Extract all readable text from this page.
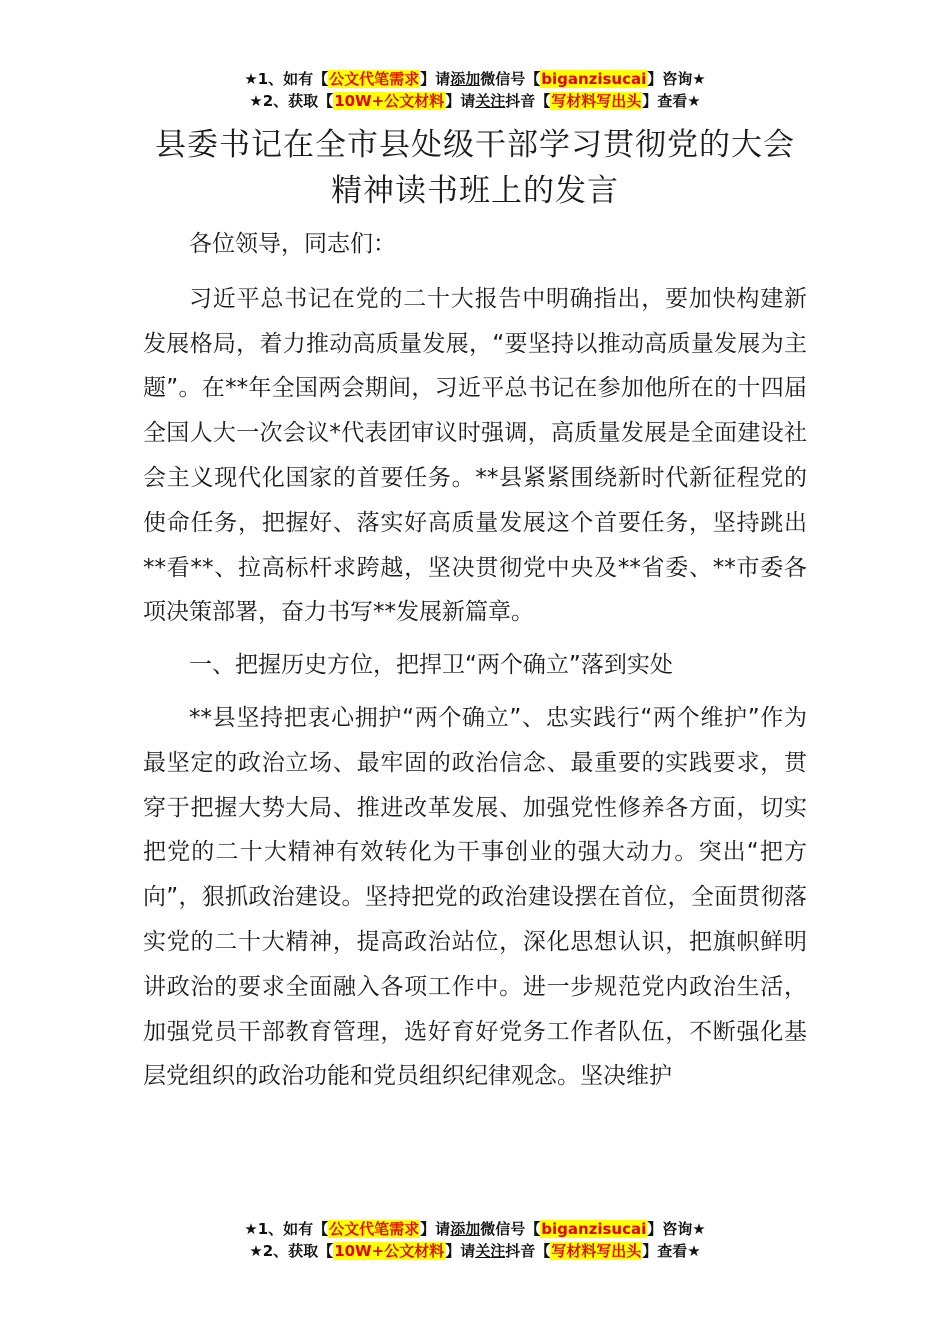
★1、如有【公文代笔需求】请添加微信号【biganzisucai】咨询★
★2、获取【10W+公文材料】请关注抖音【写材料写出头】查看★
县委书记在全市县处级干部学习贯彻党的大会精神读书班上的发言

各位领导，同志们：

习近平总书记在党的二十大报告中明确指出，要加快构建新发展格局，着力推动高质量发展，“要坚持以推动高质量发展为主题”。在**年全国两会期间，习近平总书记在参加他所在的十四届全国人大一次会议*代表团审议时强调，高质量发展是全面建设社会主义现代化国家的首要任务。**县紧紧围绕新时代新征程党的使命任务，把握好、落实好高质量发展这个首要任务，坚持跳出**看**、拉高标杆求跨越，坚决贯彻党中央及**省委、**市委各项决策部署，奋力书写**发展新篇章。

一、把握历史方位，把捍卫“两个确立”落到实处

**县坚持把衷心拥护“两个确立”、忠实践行“两个维护”作为最坚定的政治立场、最牢固的政治信念、最重要的实践要求，贯穿于把握大势大局、推进改革发展、加强党性修养各方面，切实把党的二十大精神有效转化为干事创业的强大动力。突出“把方向”，狠抓政治建设。坚持把党的政治建设摆在首位，全面贯彻落实党的二十大精神，提高政治站位，深化思想认识，把旗帜鲜明讲政治的要求全面融入各项工作中。进一步规范党内政治生活，加强党员干部教育管理，选好育好党务工作者队伍，不断强化基层党组织的政治功能和党员组织纪律观念。坚决维护

★1、如有【公文代笔需求】请添加微信号【biganzisucai】咨询★
★2、获取【10W+公文材料】请关注抖音【写材料写出头】查看★
